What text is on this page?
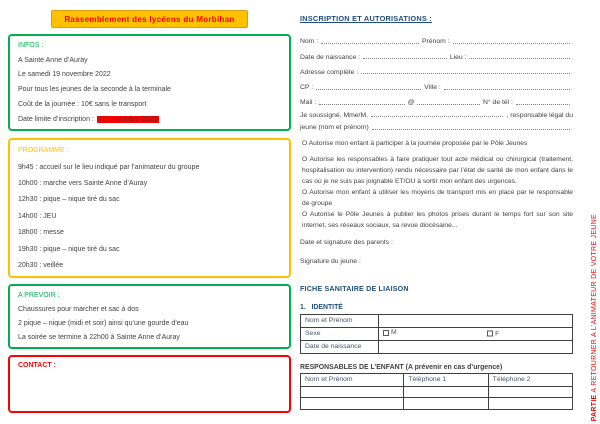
Rassemblement des lycéens du Morbihan
INFOS :
A Sainte Anne d’Auray
Le samedi 19 novembre 2022
Pour tous les jeunes de la seconde à la terminale
Coût de la journée : 10€ sans le transport
Date limite d’inscription : 10 novembre 2022
PROGRAMME :
9h45 : accueil sur le lieu indiqué par l’animateur du groupe
10h00 : marche vers Sainte Anne d’Auray
12h30 : pique – nique tiré du sac
14h00 : JEU
18h00 : messe
19h30 : pique – nique tiré du sac
20h30 : veillée
A PREVOIR :
Chaussures pour marcher et sac à dos
2 pique – nique (midi et soir) ainsi qu’une gourde d’eau
La soirée se termine à 22h00 à Sainte Anne d’Auray
CONTACT :
INSCRIPTION ET AUTORISATIONS :
Nom :	Prénom :
Date de naissance :	Lieu :
Adresse complète :
CP :	Ville :
Mail :	@	N° de tél :
Je soussigné, Mme/M.	, responsable légal du
jeune (nom et prénom)

O Autorise mon enfant à participer à la journée proposée par le Pôle Jeunes

O Autorise les responsables à faire pratiquer tout acte médical ou chirurgical (traitement, hospitalisation ou intervention) rendu nécessaire par l’état de santé de mon enfant dans le cas où je ne suis pas joignable ET/OU à sortir mon enfant des urgences.

O Autorise mon enfant à utiliser les moyens de transport mis en place par le responsable de groupe

O Autorise le Pôle Jeunes à publier les photos prises durant le temps fort sur son site internet, ses réseaux sociaux, sa revue diocésaine...

Date et signature des parents :
Signature du jeune :
FICHE SANITAIRE DE LIAISON
1.   IDENTITÉ
Nom et Prénom	
Sexe	M F

Date de naissance	
RESPONSABLES DE L’ENFANT (A prévenir en cas d’urgence)
Nom et Prénom	Téléphone 1	Téléphone 2

PARTIE A RETOURNER A L’ANIMATEUR DE VOTRE JEUNE
